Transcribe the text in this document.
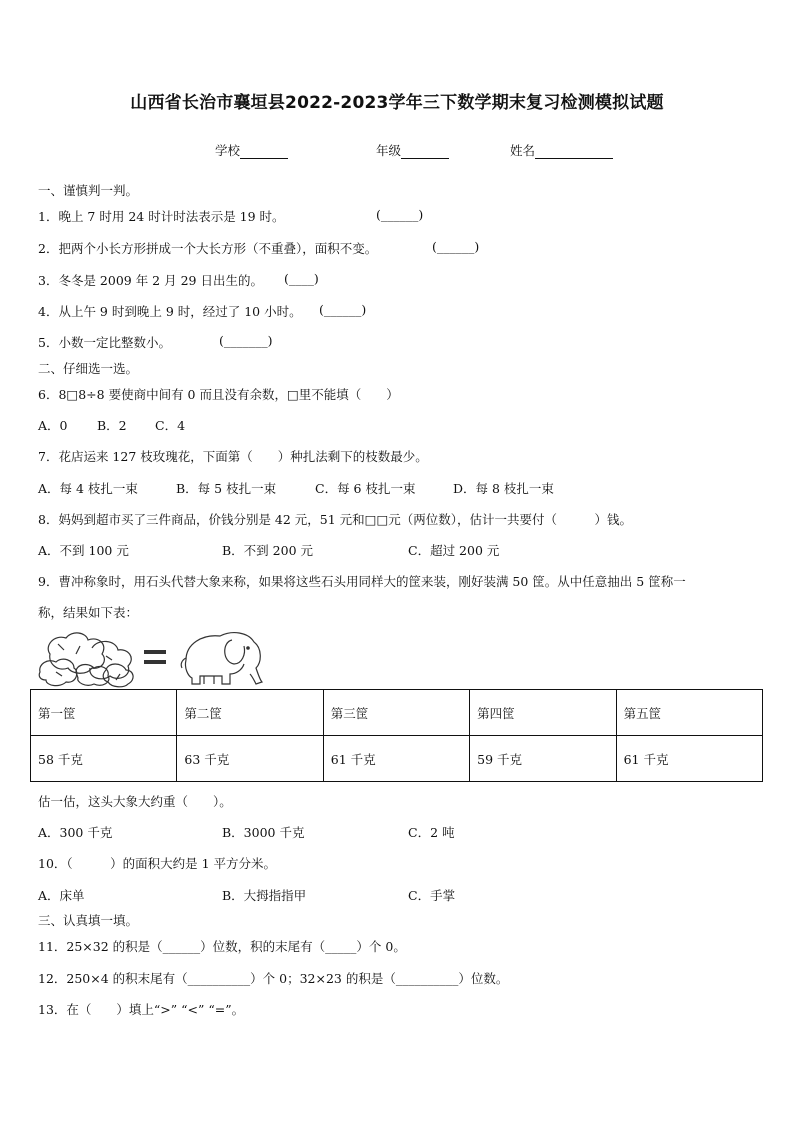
山西省长治市襄垣县2022-2023学年三下数学期末复习检测模拟试题
学校	年级	姓名
一、谨慎判一判。
1．晚上 7 时用 24 时计时法表示是 19 时。	(______)
2．把两个小长方形拼成一个大长方形（不重叠），面积不变。	(______)
3．冬冬是 2009 年 2 月 29 日出生的。 (____)
4．从上午 9 时到晚上 9 时，经过了 10 小时。 (______)
5．小数一定比整数小。	(_______)
二、仔细选一选。
6．8□8÷8 要使商中间有 0 而且没有余数，□里不能填（　　）
A．0 B．2 C．4
7．花店运来 127 枝玫瑰花，下面第（　　）种扎法剩下的枝数最少。
A．每 4 枝扎一束	B．每 5 枝扎一束	C．每 6 枝扎一束	D．每 8 枝扎一束
8．妈妈到超市买了三件商品，价钱分别是 42 元，51 元和□□元（两位数），估计一共要付（　　　）钱。
A．不到 100 元	B．不到 200 元	C．超过 200 元
9．曹冲称象时，用石头代替大象来称，如果将这些石头用同样大的筐来装，刚好装满 50 筐。从中任意抽出 5 筐称一
称，结果如下表：
第一筐	第二筐	第三筐	第四筐	第五筐
58 千克	63 千克	61 千克	59 千克	61 千克
估一估，这头大象大约重（　　）。
A．300 千克	B．3000 千克	C．2 吨
10．（　　　）的面积大约是 1 平方分米。
A．床单	B．大拇指指甲	C．手掌
三、认真填一填。
11．25×32 的积是（______）位数，积的末尾有（_____）个 0。
12．250×4 的积末尾有（__________）个 0；32×23 的积是（__________）位数。
13．在（　　）填上“>” “<” “=”。
